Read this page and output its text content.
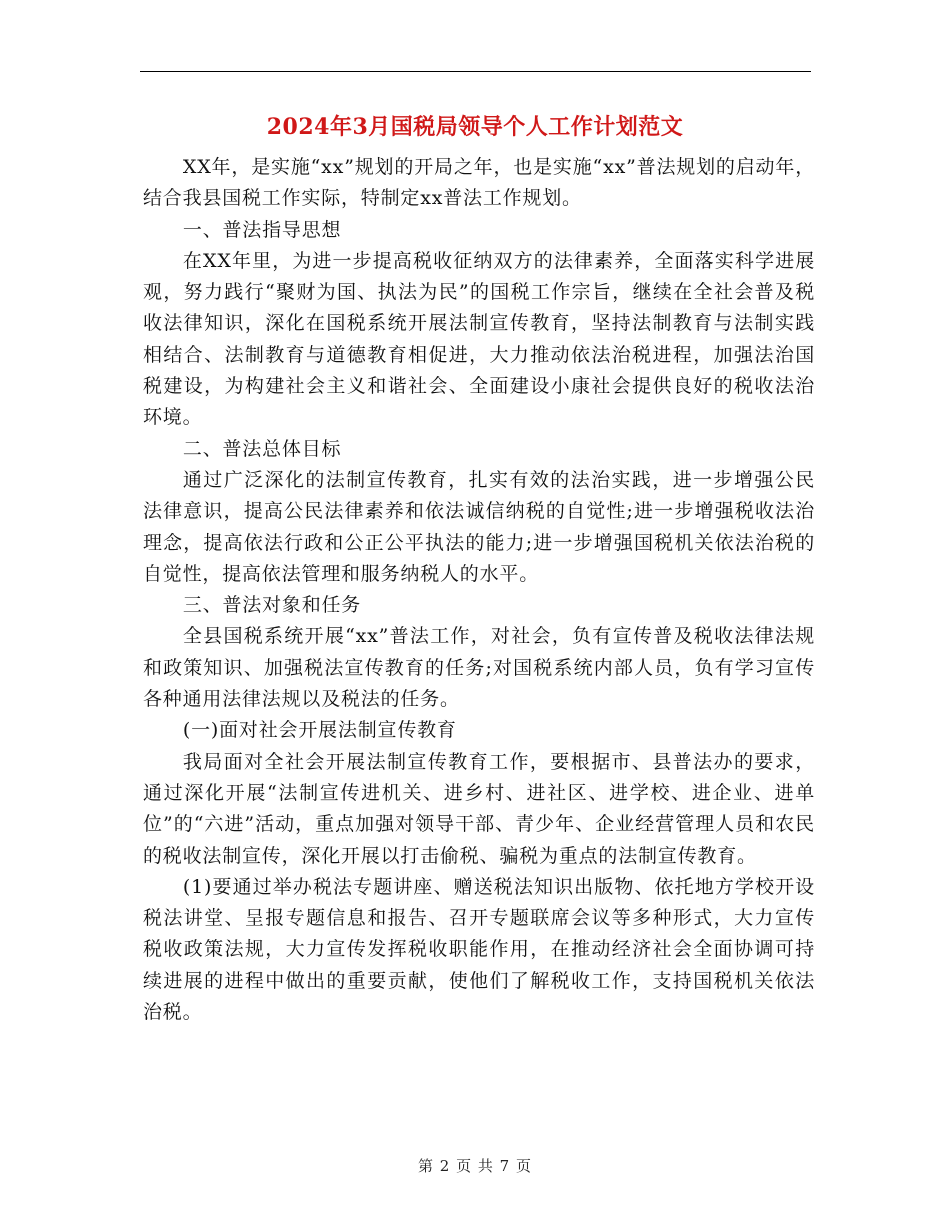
2024年3月国税局领导个人工作计划范文

XX年，是实施“xx”规划的开局之年，也是实施“xx”普法规划的启动年，结合我县国税工作实际，特制定xx普法工作规划。

一、普法指导思想

在XX年里，为进一步提高税收征纳双方的法律素养，全面落实科学进展观，努力践行“聚财为国、执法为民”的国税工作宗旨，继续在全社会普及税收法律知识，深化在国税系统开展法制宣传教育，坚持法制教育与法制实践相结合、法制教育与道德教育相促进，大力推动依法治税进程，加强法治国税建设，为构建社会主义和谐社会、全面建设小康社会提供良好的税收法治环境。

二、普法总体目标

通过广泛深化的法制宣传教育，扎实有效的法治实践，进一步增强公民法律意识，提高公民法律素养和依法诚信纳税的自觉性;进一步增强税收法治理念，提高依法行政和公正公平执法的能力;进一步增强国税机关依法治税的自觉性，提高依法管理和服务纳税人的水平。

三、普法对象和任务

全县国税系统开展“xx”普法工作，对社会，负有宣传普及税收法律法规和政策知识、加强税法宣传教育的任务;对国税系统内部人员，负有学习宣传各种通用法律法规以及税法的任务。

(一)面对社会开展法制宣传教育

我局面对全社会开展法制宣传教育工作，要根据市、县普法办的要求，通过深化开展“法制宣传进机关、进乡村、进社区、进学校、进企业、进单位”的“六进”活动，重点加强对领导干部、青少年、企业经营管理人员和农民的税收法制宣传，深化开展以打击偷税、骗税为重点的法制宣传教育。

(1)要通过举办税法专题讲座、赠送税法知识出版物、依托地方学校开设税法讲堂、呈报专题信息和报告、召开专题联席会议等多种形式，大力宣传税收政策法规，大力宣传发挥税收职能作用，在推动经济社会全面协调可持续进展的进程中做出的重要贡献，使他们了解税收工作，支持国税机关依法治税。

第 2 页 共 7 页
